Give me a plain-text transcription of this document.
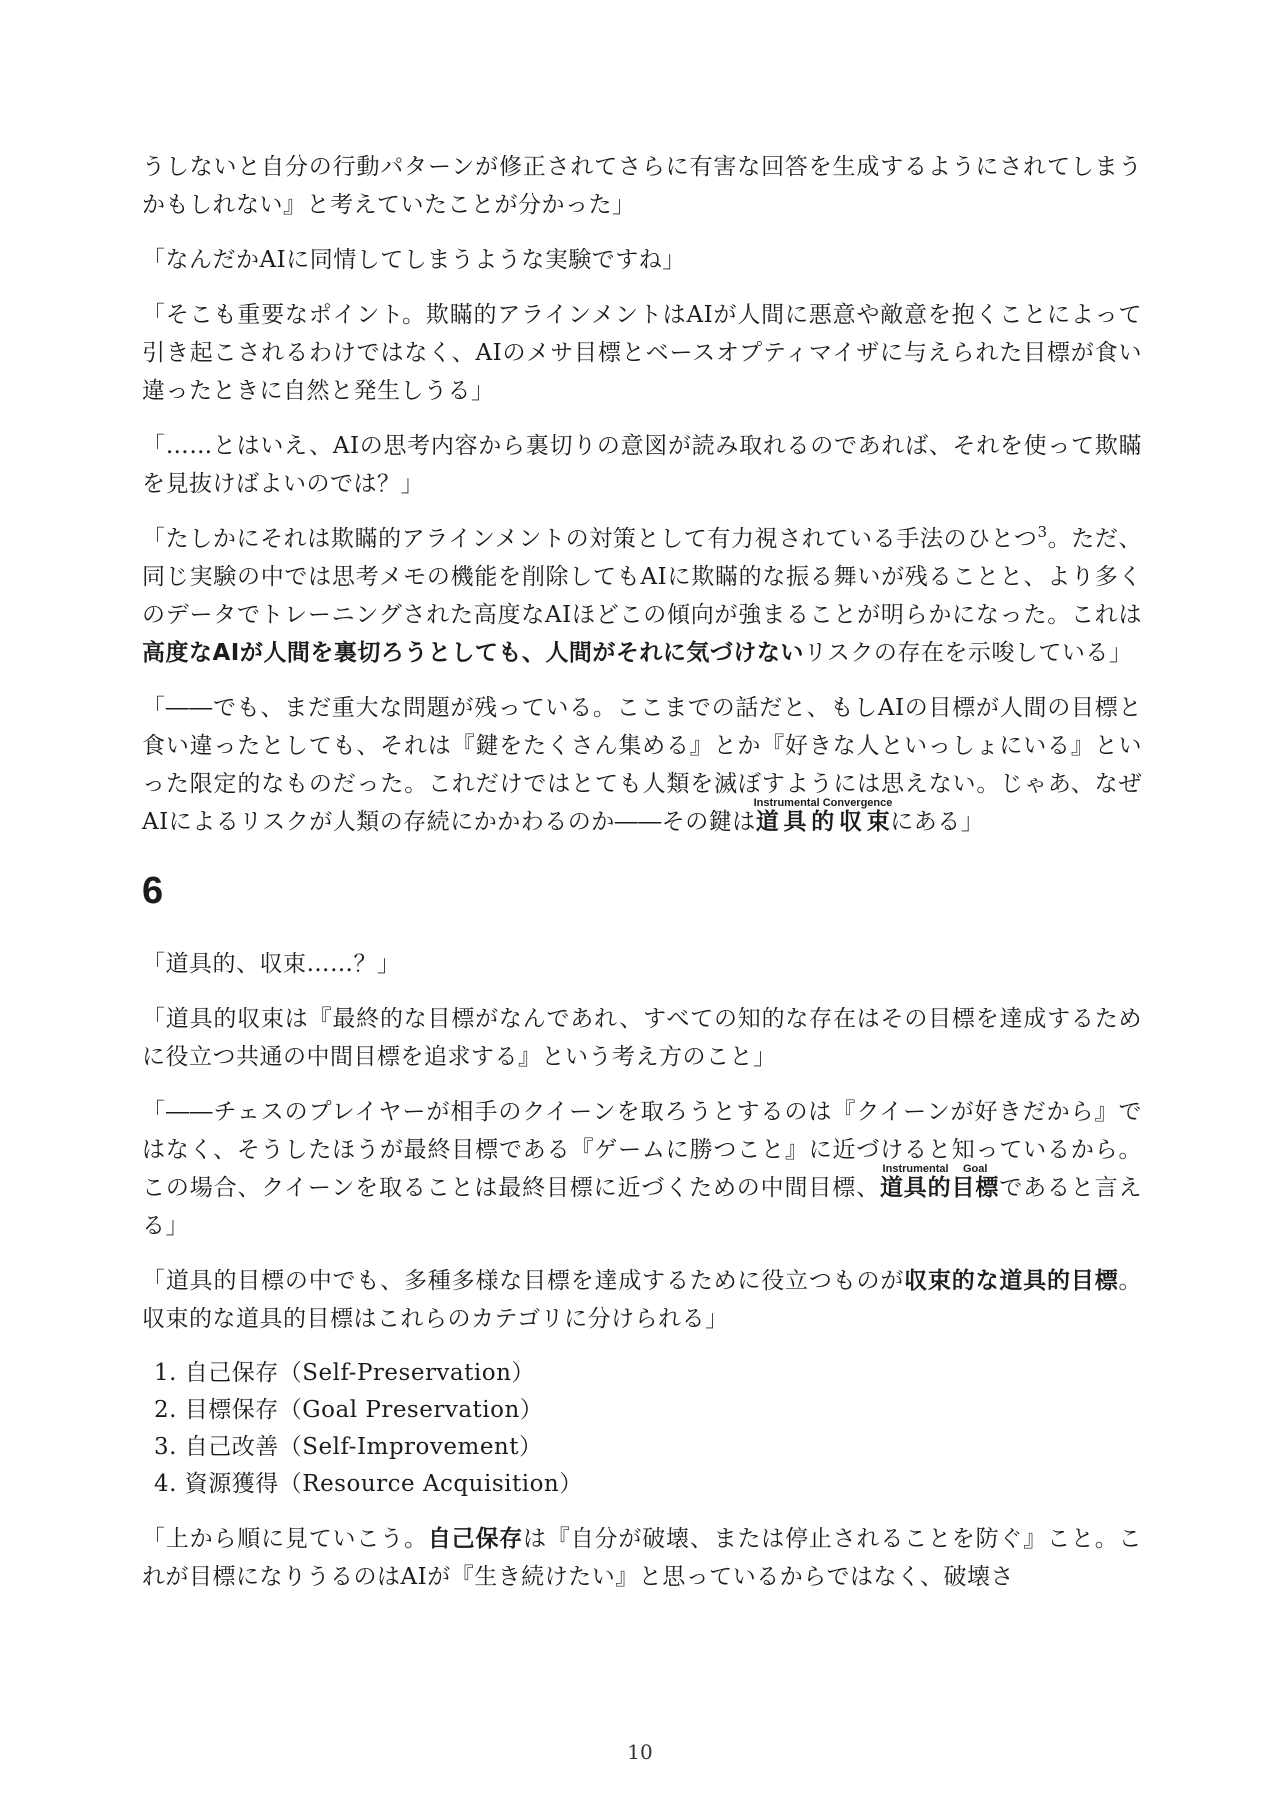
うしないと自分の行動パターンが修正されてさらに有害な回答を生成するようにされてしまうかもしれない』と考えていたことが分かった」

「なんだかAIに同情してしまうような実験ですね」

「そこも重要なポイント。欺瞞的アラインメントはAIが人間に悪意や敵意を抱くことによって引き起こされるわけではなく、AIのメサ目標とベースオプティマイザに与えられた目標が食い違ったときに自然と発生しうる」

「……とはいえ、AIの思考内容から裏切りの意図が読み取れるのであれば、それを使って欺瞞を見抜けばよいのでは？」

「たしかにそれは欺瞞的アラインメントの対策として有力視されている手法のひとつ$^3$。ただ、同じ実験の中では思考メモの機能を削除してもAIに欺瞞的な振る舞いが残ることと、より多くのデータでトレーニングされた高度なAIほどこの傾向が強まることが明らかになった。これは高度なAIが人間を裏切ろうとしても、人間がそれに気づけないリスクの存在を示唆している」

「――でも、まだ重大な問題が残っている。ここまでの話だと、もしAIの目標が人間の目標と食い違ったとしても、それは『鍵をたくさん集める』とか『好きな人といっしょにいる』といった限定的なものだった。これだけではとても人類を滅ぼすようには思えない。じゃあ、なぜAIによるリスクが人類の存続にかかわるのか――その鍵は道具的収束Instrumental Convergenceにある」

6

「道具的、収束……？」

「道具的収束は『最終的な目標がなんであれ、すべての知的な存在はその目標を達成するために役立つ共通の中間目標を追求する』という考え方のこと」

「――チェスのプレイヤーが相手のクイーンを取ろうとするのは『クイーンが好きだから』ではなく、そうしたほうが最終目標である『ゲームに勝つこと』に近づけると知っているから。この場合、クイーンを取ることは最終目標に近づくための中間目標、道具的Instrumental目標Goalであると言える」

「道具的目標の中でも、多種多様な目標を達成するために役立つものが収束的な道具的目標。収束的な道具的目標はこれらのカテゴリに分けられる」

1. 自己保存（Self-Preservation）
2. 目標保存（Goal Preservation）
3. 自己改善（Self-Improvement）
4. 資源獲得（Resource Acquisition）

「上から順に見ていこう。自己保存は『自分が破壊、または停止されることを防ぐ』こと。これが目標になりうるのはAIが『生き続けたい』と思っているからではなく、破壊さ

10
